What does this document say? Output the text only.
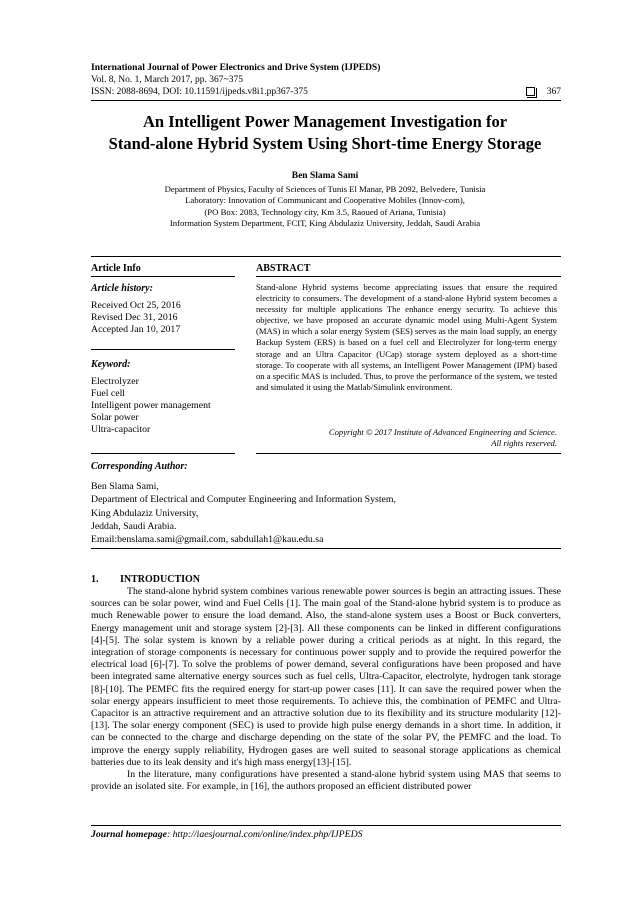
International Journal of Power Electronics and Drive System (IJPEDS)
Vol. 8, No. 1, March 2017, pp. 367~375
ISSN: 2088-8694, DOI: 10.11591/ijpeds.v8i1.pp367-375	367
An Intelligent Power Management Investigation for
Stand-alone Hybrid System Using Short-time Energy Storage
Ben Slama Sami
Department of Physics, Faculty of Sciences of Tunis El Manar, PB 2092, Belvedere, Tunisia
Laboratory: Innovation of Communicant and Cooperative Mobiles (Innov-com),
(PO Box: 2083, Technology city, Km 3.5, Raoued of Ariana, Tunisia)
Information System Department, FCIT, King Abdulaziz University, Jeddah, Saudi Arabia
Article Info	ABSTRACT
Article history:
Received Oct 25, 2016
Revised Dec 31, 2016
Accepted Jan 10, 2017
Keyword:
Electrolyzer
Fuel cell
Intelligent power management
Solar power
Ultra-capacitor
Stand-alone Hybrid systems become appreciating issues that ensure the required electricity to consumers. The development of a stand-alone Hybrid system becomes a necessity for multiple applications The enhance energy security. To achieve this objective, we have proposed an accurate dynamic model using Multi-Agent System (MAS) in which a solar energy System (SES) serves as the main load supply, an energy Backup System (ERS) is based on a fuel cell and Electrolyzer for long-term energy storage and an Ultra Capacitor (UCap) storage system deployed as a short-time storage. To cooperate with all systems, an Intelligent Power Management (IPM) based on a specific MAS is included. Thus, to prove the performance of the system, we tested and simulated it using the Matlab/Simulink environment.
Copyright © 2017 Institute of Advanced Engineering and Science.
All rights reserved.
Corresponding Author:
Ben Slama Sami,
Department of Electrical and Computer Engineering and Information System,
King Abdulaziz University,
Jeddah, Saudi Arabia.
Email:benslama.sami@gmail.com, sabdullah1@kau.edu.sa
1. INTRODUCTION

The stand-alone hybrid system combines various renewable power sources is begin an attracting issues. These sources can be solar power, wind and Fuel Cells [1]. The main goal of the Stand-alone hybrid system is to produce as much Renewable power to ensure the load demand. Also, the stand-alone system uses a Boost or Buck converters, Energy management unit and storage system [2]-[3]. All these components can be linked in different configurations [4]-[5]. The solar system is known by a reliable power during a critical periods as at night. In this regard, the integration of storage components is necessary for continuous power supply and to provide the required powerfor the electrical load [6]-[7]. To solve the problems of power demand, several configurations have been proposed and have been integrated same alternative energy sources such as fuel cells, Ultra-Capacitor, electrolyte, hydrogen tank storage [8]-[10]. The PEMFC fits the required energy for start-up power cases [11]. It can save the required power when the solar energy appears insufficient to meet those requirements. To achieve this, the combination of PEMFC and Ultra-Capacitor is an attractive requirement and an attractive solution due to its flexibility and its structure modularity [12]-[13]. The solar energy component (SEC) is used to provide high pulse energy demands in a short time. In addition, it can be connected to the charge and discharge depending on the state of the solar PV, the PEMFC and the load. To improve the energy supply reliability, Hydrogen gases are well suited to seasonal storage applications as chemical batteries due to its leak density and it's high mass energy[13]-[15].

In the literature, many configurations have presented a stand-alone hybrid system using MAS that seems to provide an isolated site. For example, in [16], the authors proposed an efficient distributed power

Journal homepage: http://iaesjournal.com/online/index.php/IJPEDS
